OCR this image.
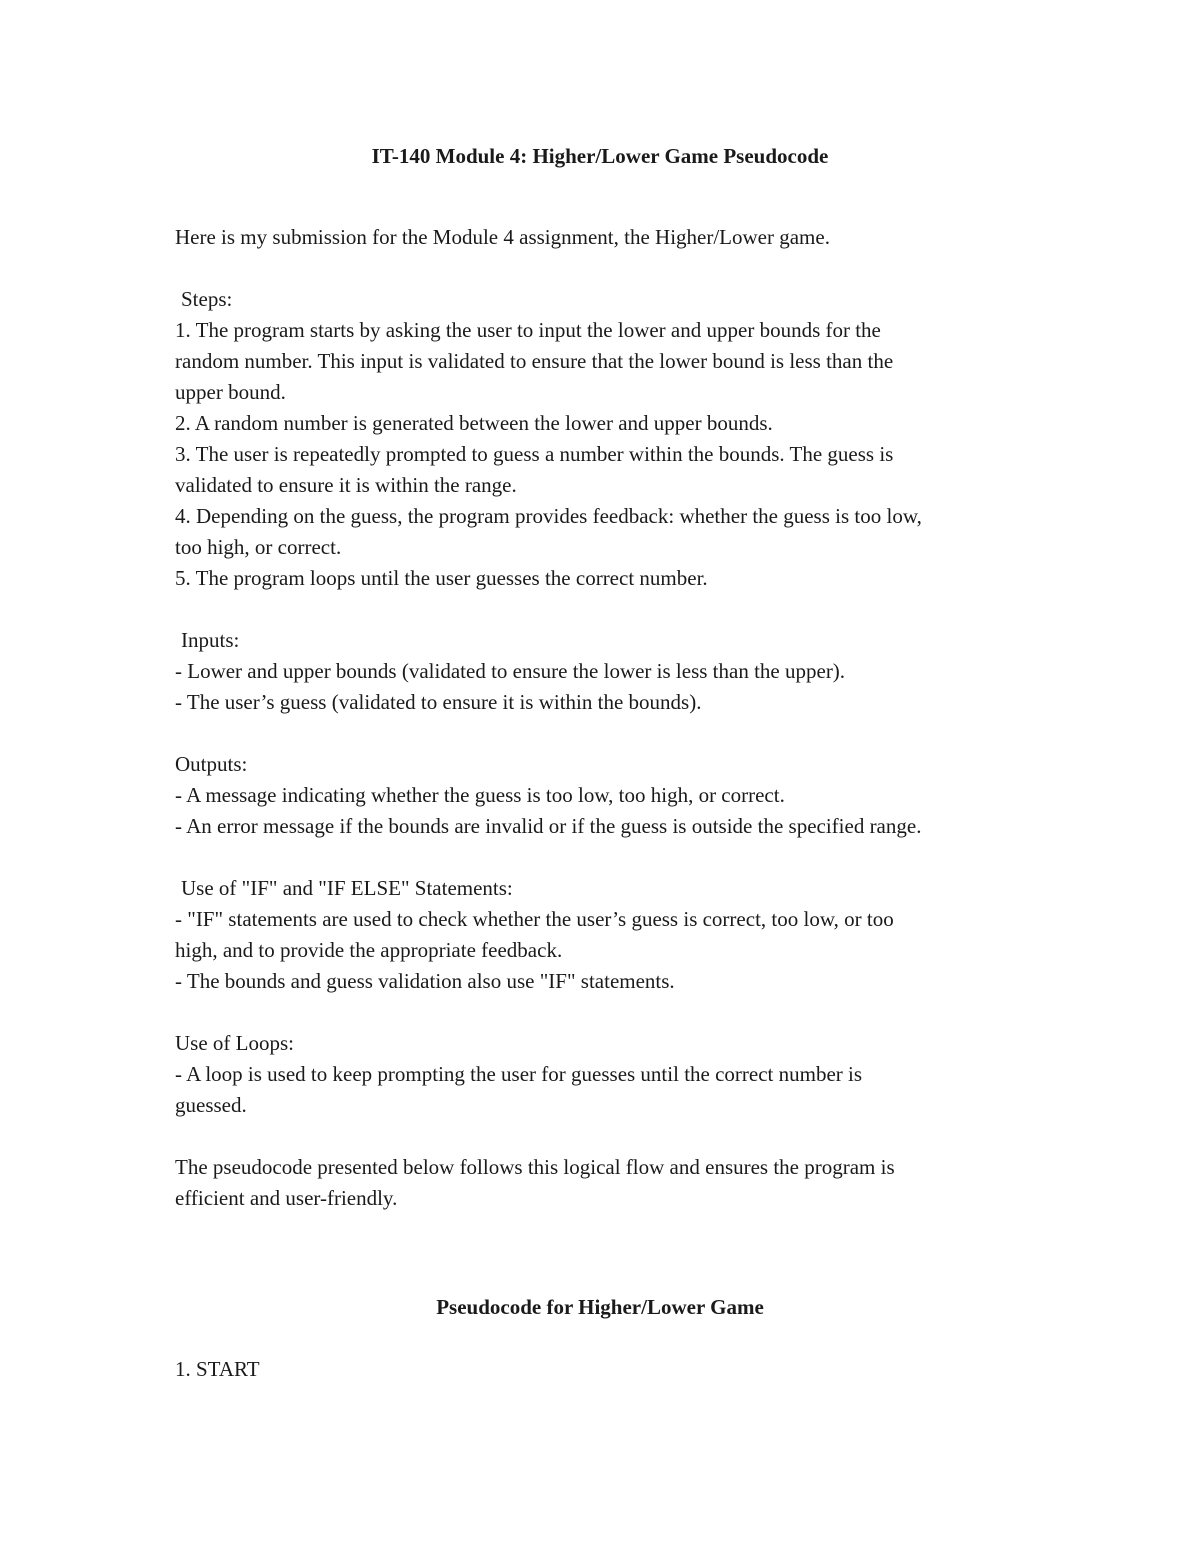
IT-140 Module 4: Higher/Lower Game Pseudocode
Here is my submission for the Module 4 assignment, the Higher/Lower game.
Steps:
1. The program starts by asking the user to input the lower and upper bounds for the
random number. This input is validated to ensure that the lower bound is less than the
upper bound.
2. A random number is generated between the lower and upper bounds.
3. The user is repeatedly prompted to guess a number within the bounds. The guess is
validated to ensure it is within the range.
4. Depending on the guess, the program provides feedback: whether the guess is too low,
too high, or correct.
5. The program loops until the user guesses the correct number.
Inputs:
- Lower and upper bounds (validated to ensure the lower is less than the upper).
- The user’s guess (validated to ensure it is within the bounds).
Outputs:
- A message indicating whether the guess is too low, too high, or correct.
- An error message if the bounds are invalid or if the guess is outside the specified range.
Use of "IF" and "IF ELSE" Statements:
- "IF" statements are used to check whether the user’s guess is correct, too low, or too
high, and to provide the appropriate feedback.
- The bounds and guess validation also use "IF" statements.
Use of Loops:
- A loop is used to keep prompting the user for guesses until the correct number is
guessed.
The pseudocode presented below follows this logical flow and ensures the program is
efficient and user-friendly.
Pseudocode for Higher/Lower Game
1. START
